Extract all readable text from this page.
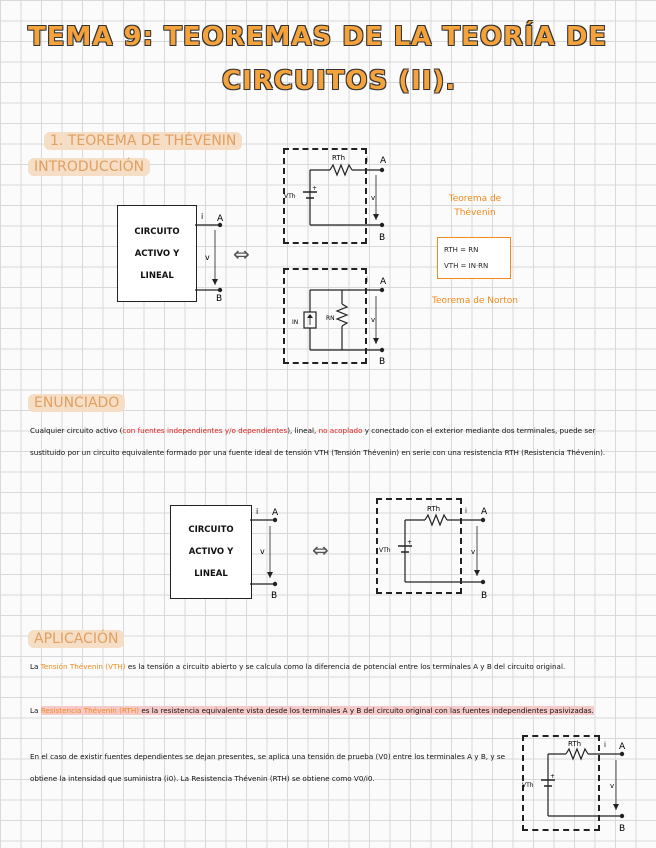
TEMA 9: TEOREMAS DE LA TEORÍA DE
CIRCUITOS (II).
1. TEOREMA DE THÉVENIN
INTRODUCCIÓN
CIRCUITO
ACTIVO Y
LINEAL
i A
v
B
⇔
RTh
VTh
+
i A
v
B
IN
RN
i A
v
B
Teorema de Thévenin
RTH = RN
VTH = IN·RN
Teorema de Norton
ENUNCIADO
Cualquier circuito activo (con fuentes independientes y/o dependientes), lineal, no acoplado y conectado con el exterior mediante dos terminales, puede ser sustituido por un circuito equivalente formado por una fuente ideal de tensión VTH (Tensión Thévenin) en serie con una resistencia RTH (Resistencia Thévenin).
CIRCUITO
ACTIVO Y
LINEAL
i A
v
B
⇔
RTh
VTh
+
i A
v
B
APLICACIÓN
La Tensión Thévenin (VTH) es la tensión a circuito abierto y se calcula como la diferencia de potencial entre los terminales A y B del circuito original.
La Resistencia Thévenin (RTH) es la resistencia equivalente vista desde los terminales A y B del circuito original con las fuentes independientes pasivizadas.
En el caso de existir fuentes dependientes se dejan presentes, se aplica una tensión de prueba (V0) entre los terminales A y B, y se obtiene la intensidad que suministra (i0). La Resistencia Thévenin (RTH) se obtiene como V0/i0.
RTh
VTh
+
i A
v
B
